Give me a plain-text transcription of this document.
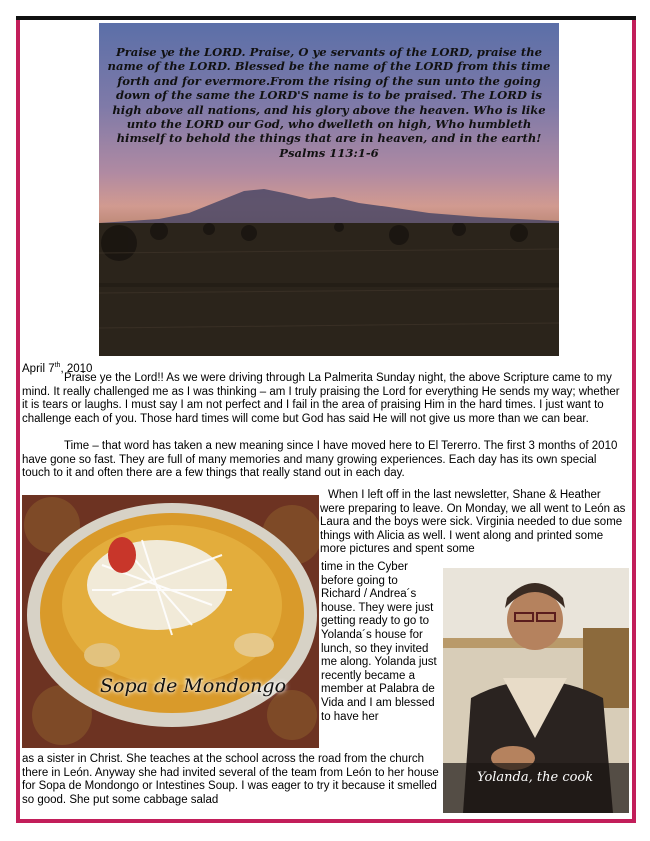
Praise ye the LORD. Praise, O ye servants of the LORD, praise the name of the LORD. Blessed be the name of the LORD from this time forth and for evermore.From the rising of the sun unto the going down of the same the LORD'S name is to be praised. The LORD is high above all nations, and his glory above the heaven. Who is like unto the LORD our God, who dwelleth on high, Who humbleth himself to behold the things that are in heaven, and in the earth! Psalms 113:1-6
April 7th, 2010

Praise ye the Lord!! As we were driving through La Palmerita Sunday night, the above Scripture came to my mind. It really challenged me as I was thinking – am I truly praising the Lord for everything He sends my way; whether it is tears or laughs. I must say I am not perfect and I fail in the area of praising Him in the hard times. I just want to challenge each of you. Those hard times will come but God has said He will not give us more than we can bear.

Time – that word has taken a new meaning since I have moved here to El Tererro. The first 3 months of 2010 have gone so fast. They are full of many memories and many growing experiences. Each day has its own special touch to it and often there are a few things that really stand out in each day.

Sopa de Mondongo

When I left off in the last newsletter, Shane & Heather were preparing to leave. On Monday, we all went to León as Laura and the boys were sick. Virginia needed to due some things with Alicia as well. I went along and printed some more pictures and spent some

time in the Cyber before going to Richard / Andrea´s house. They were just getting ready to go to Yolanda´s house for lunch, so they invited me along. Yolanda just recently became a member at Palabra de Vida and I am blessed to have her

Yolanda, the cook

as a sister in Christ. She teaches at the school across the road from the church there in León. Anyway she had invited several of the team from León to her house for Sopa de Mondongo or Intestines Soup. I was eager to try it because it smelled so good. She put some cabbage salad
